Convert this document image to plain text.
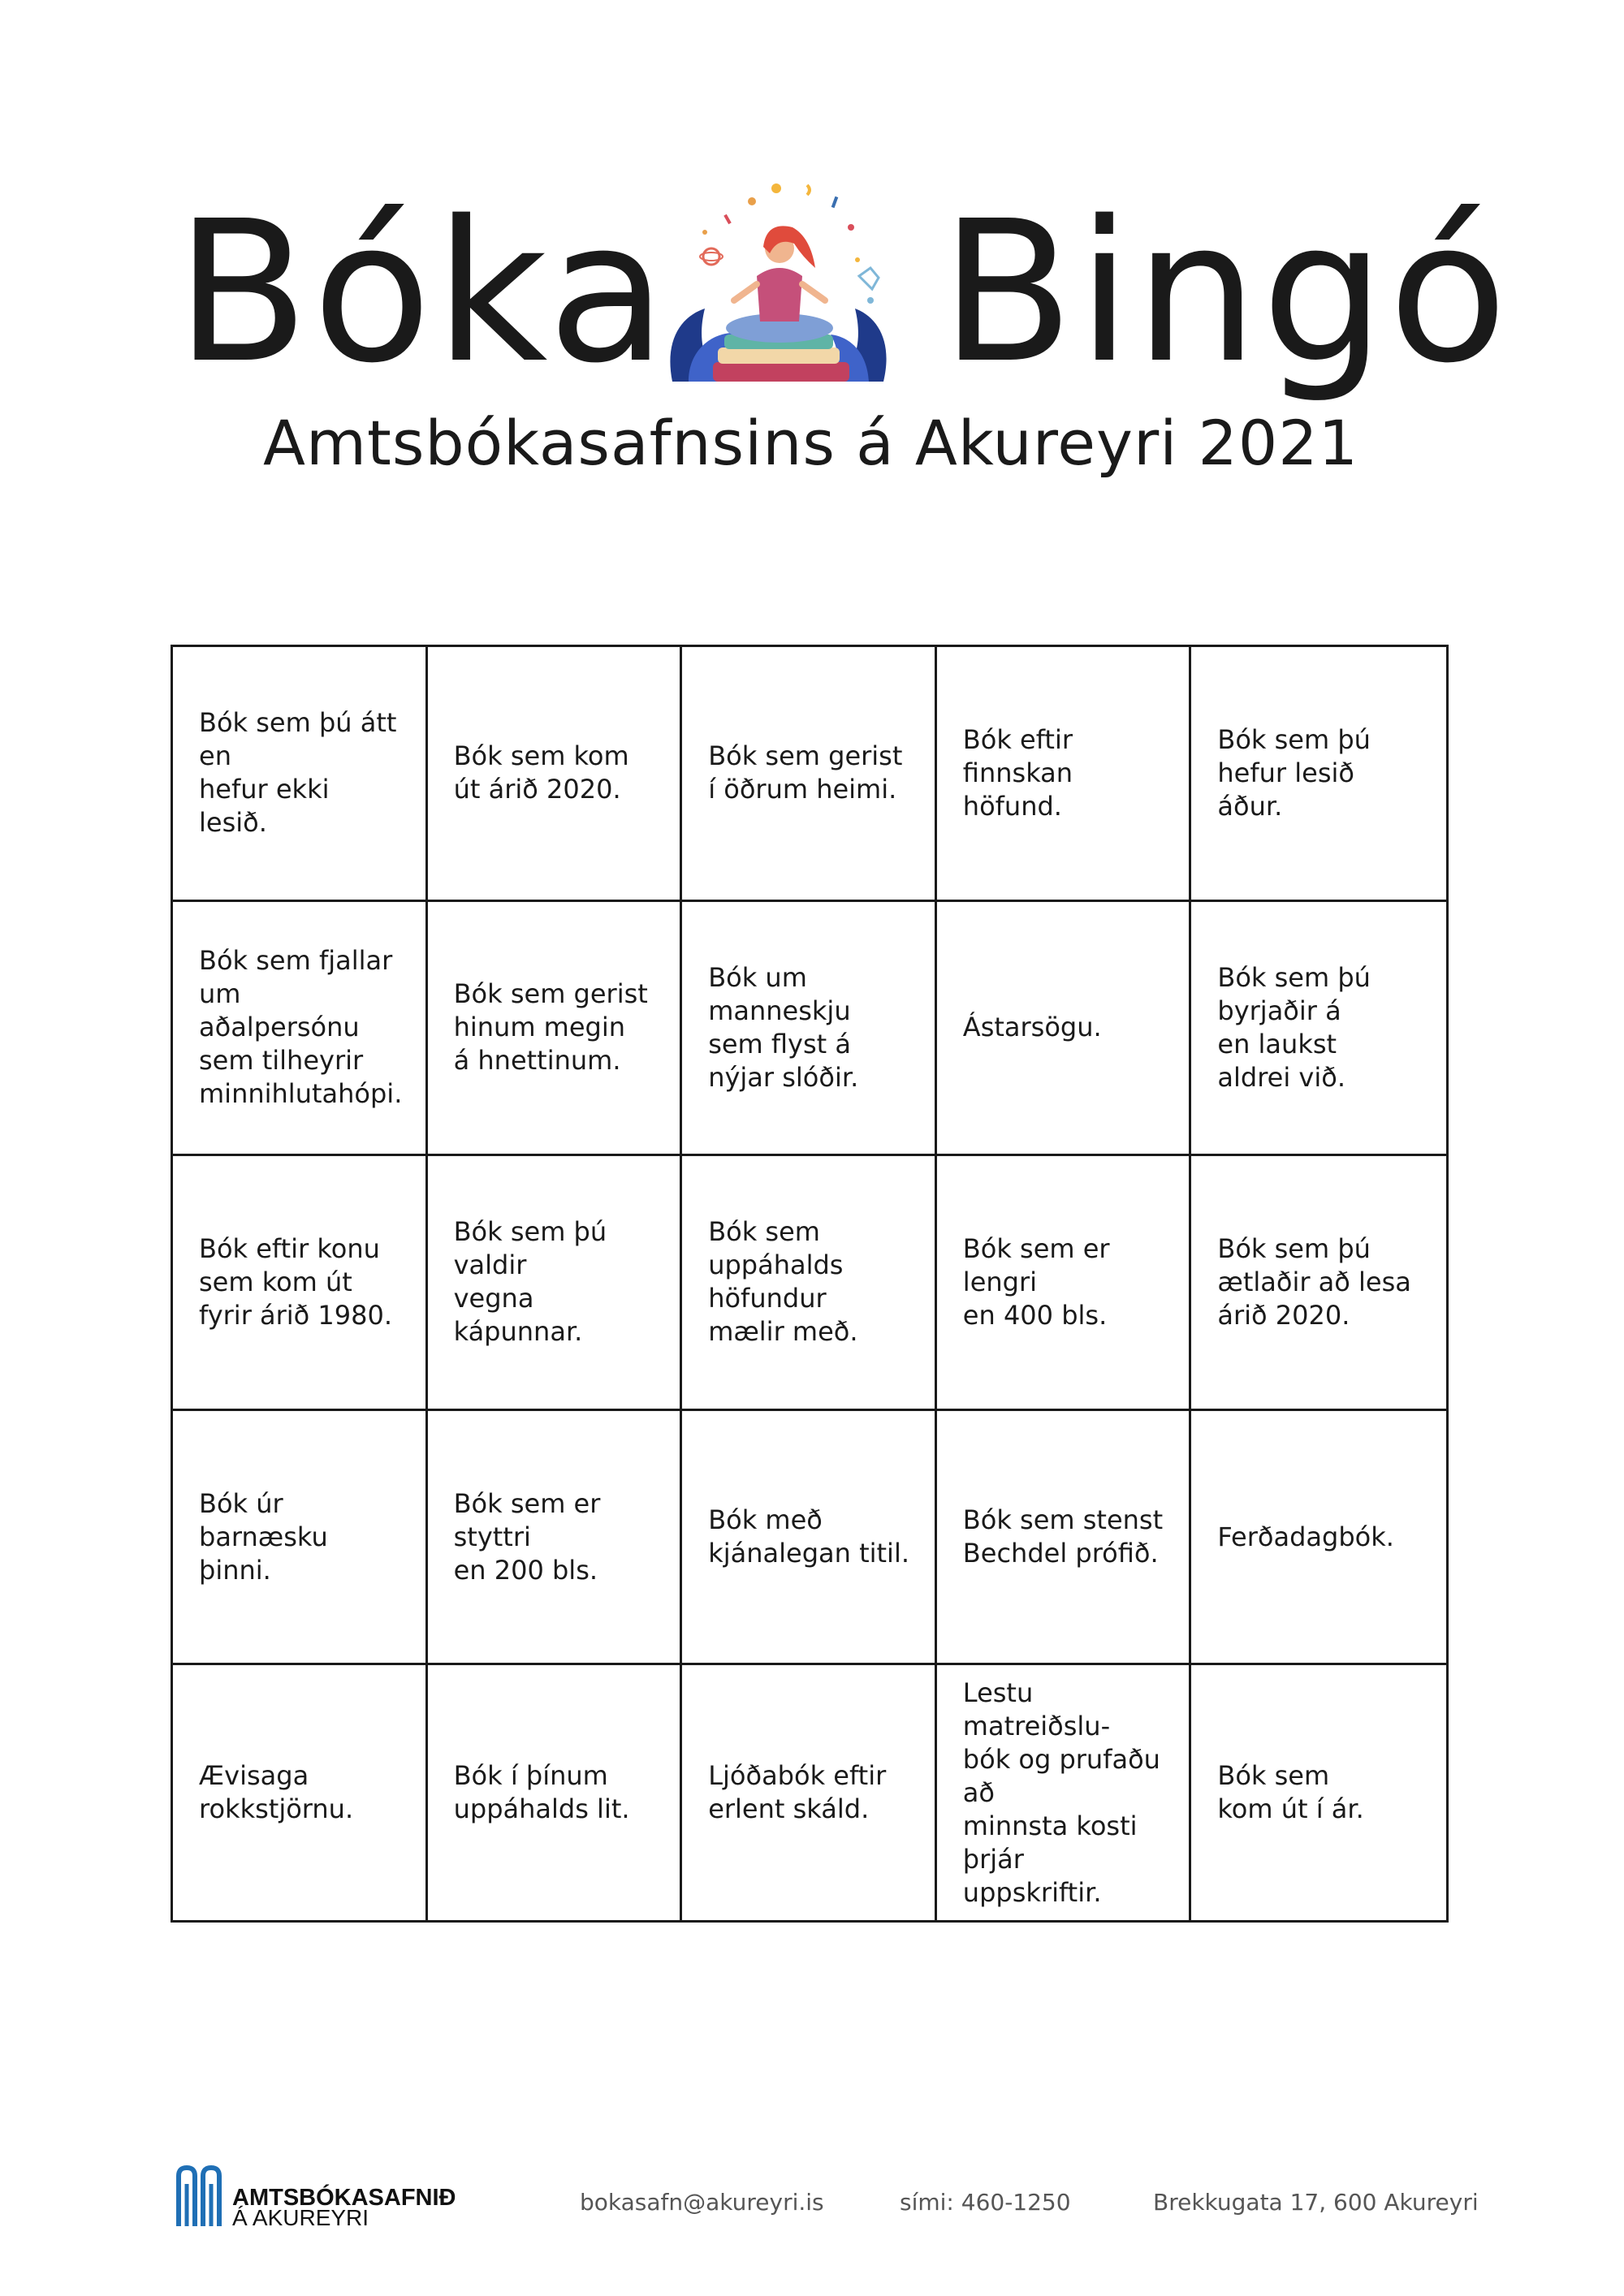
Bóka Bingó
Amtsbókasafnsins á Akureyri 2021
Bók sem þú átt en
hefur ekki lesið.
Bók sem kom
út árið 2020.
Bók sem gerist
í öðrum heimi.
Bók eftir
finnskan höfund.
Bók sem þú
hefur lesið áður.
Bók sem fjallar
um aðalpersónu
sem tilheyrir
minnihlutahópi.
Bók sem gerist
hinum megin
á hnettinum.
Bók um
manneskju
sem flyst á
nýjar slóðir.
Ástarsögu.
Bók sem þú
byrjaðir á
en laukst
aldrei við.
Bók eftir konu
sem kom út
fyrir árið 1980.
Bók sem þú valdir
vegna kápunnar.
Bók sem
uppáhalds
höfundur
mælir með.
Bók sem er lengri
en 400 bls.
Bók sem þú
ætlaðir að lesa
árið 2020.
Bók úr
barnæsku
þinni.
Bók sem er styttri
en 200 bls.
Bók með
kjánalegan titil.
Bók sem stenst
Bechdel prófið.
Ferðadagbók.
Ævisaga
rokkstjörnu.
Bók í þínum
uppáhalds lit.
Ljóðabók eftir
erlent skáld.
Lestu matreiðslu-
bók og prufaðu að
minnsta kosti
þrjár uppskriftir.
Bók sem
kom út í ár.
AMTSBÓKASAFNIÐ
Á AKUREYRI
bokasafn@akureyri.is	sími: 460-1250	Brekkugata 17, 600 Akureyri
